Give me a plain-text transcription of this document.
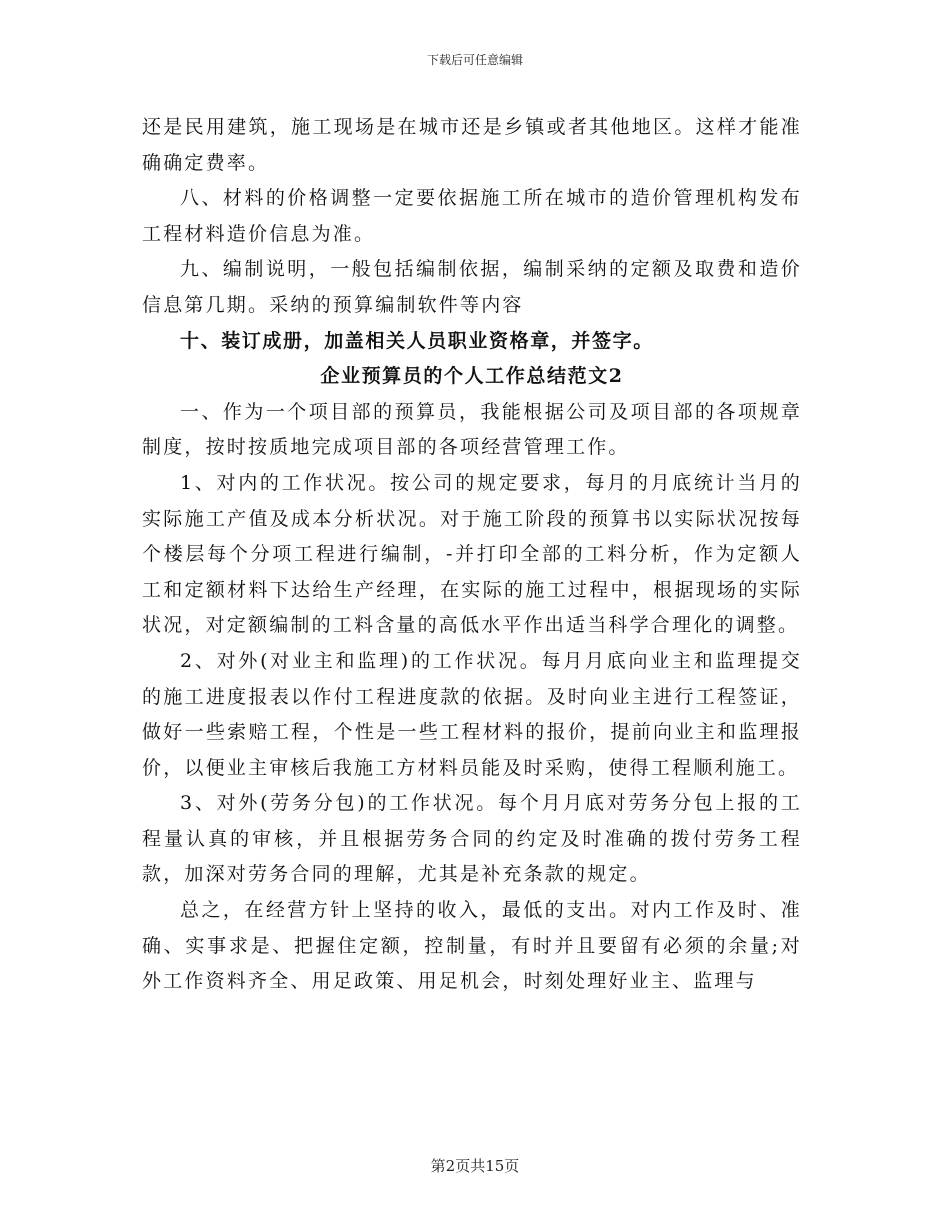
下载后可任意编辑

还是民用建筑，施工现场是在城市还是乡镇或者其他地区。这样才能准确确定费率。

八、材料的价格调整一定要依据施工所在城市的造价管理机构发布工程材料造价信息为准。

九、编制说明，一般包括编制依据，编制采纳的定额及取费和造价信息第几期。采纳的预算编制软件等内容

十、装订成册，加盖相关人员职业资格章，并签字。

企业预算员的个人工作总结范文2

一、作为一个项目部的预算员，我能根据公司及项目部的各项规章制度，按时按质地完成项目部的各项经营管理工作。

1、对内的工作状况。按公司的规定要求，每月的月底统计当月的实际施工产值及成本分析状况。对于施工阶段的预算书以实际状况按每个楼层每个分项工程进行编制，-并打印全部的工料分析，作为定额人工和定额材料下达给生产经理，在实际的施工过程中，根据现场的实际状况，对定额编制的工料含量的高低水平作出适当科学合理化的调整。

2、对外(对业主和监理)的工作状况。每月月底向业主和监理提交的施工进度报表以作付工程进度款的依据。及时向业主进行工程签证，做好一些索赔工程，个性是一些工程材料的报价，提前向业主和监理报价，以便业主审核后我施工方材料员能及时采购，使得工程顺利施工。

3、对外(劳务分包)的工作状况。每个月月底对劳务分包上报的工程量认真的审核，并且根据劳务合同的约定及时准确的拨付劳务工程款，加深对劳务合同的理解，尤其是补充条款的规定。

总之，在经营方针上坚持的收入，最低的支出。对内工作及时、准确、实事求是、把握住定额，控制量，有时并且要留有必须的余量;对外工作资料齐全、用足政策、用足机会，时刻处理好业主、监理与

第2页共15页
